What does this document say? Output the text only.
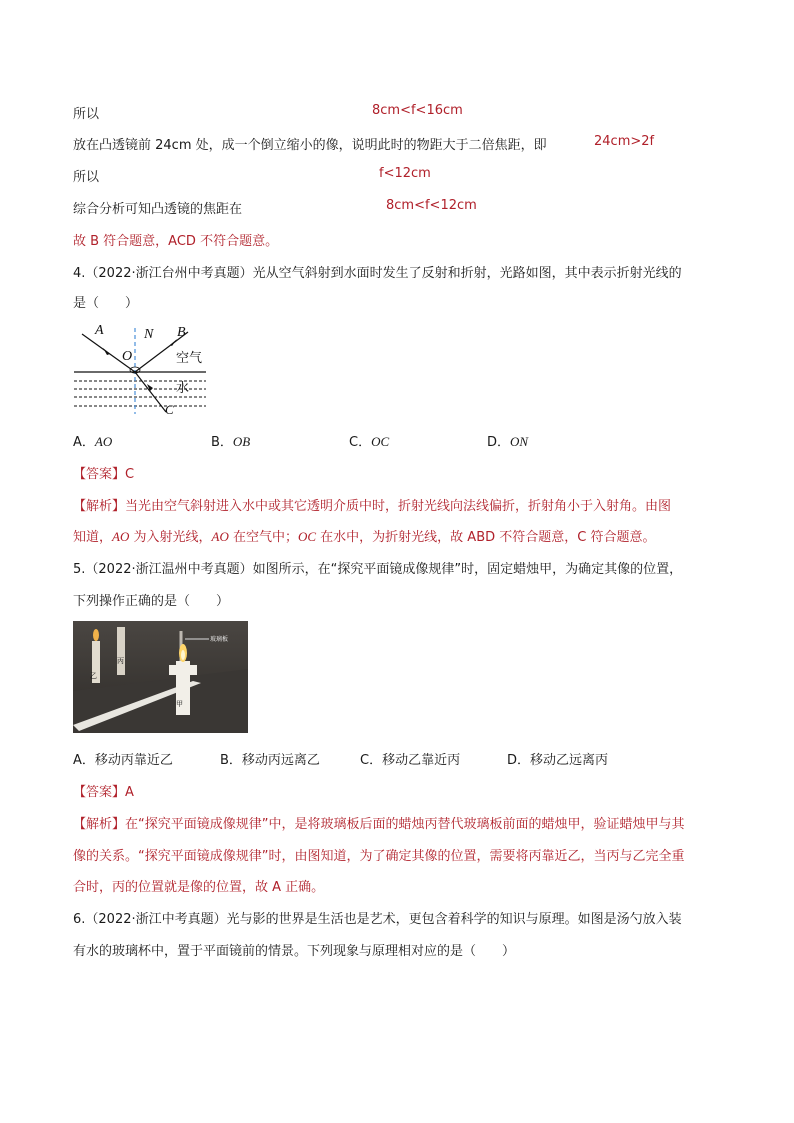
所以	8cm<f<16cm
放在凸透镜前 24cm 处，成一个倒立缩小的像，说明此时的物距大于二倍焦距，即	24cm>2f
所以	f<12cm
综合分析可知凸透镜的焦距在	8cm<f<12cm
故 B 符合题意，ACD 不符合题意。
4.（2022·浙江台州中考真题）光从空气斜射到水面时发生了反射和折射，光路如图，其中表示折射光线的
是（　　）
A	B
N
O
C
空气
水
A．AO	B．OB	C．OC	D．ON
【答案】C
【解析】当光由空气斜射进入水中或其它透明介质中时，折射光线向法线偏折，折射角小于入射角。由图
知道，AO 为入射光线，AO 在空气中；OC 在水中，为折射光线，故 ABD 不符合题意，C 符合题意。
5.（2022·浙江温州中考真题）如图所示，在“探究平面镜成像规律”时，固定蜡烛甲，为确定其像的位置，
下列操作正确的是（　　）
乙
丙
甲
玻璃板
A．移动丙靠近乙	B．移动丙远离乙	C．移动乙靠近丙	D．移动乙远离丙
【答案】A
【解析】在“探究平面镜成像规律”中，是将玻璃板后面的蜡烛丙替代玻璃板前面的蜡烛甲，验证蜡烛甲与其
像的关系。“探究平面镜成像规律”时，由图知道，为了确定其像的位置，需要将丙靠近乙，当丙与乙完全重
合时，丙的位置就是像的位置，故 A 正确。
6.（2022·浙江中考真题）光与影的世界是生活也是艺术，更包含着科学的知识与原理。如图是汤勺放入装
有水的玻璃杯中，置于平面镜前的情景。下列现象与原理相对应的是（　　）
